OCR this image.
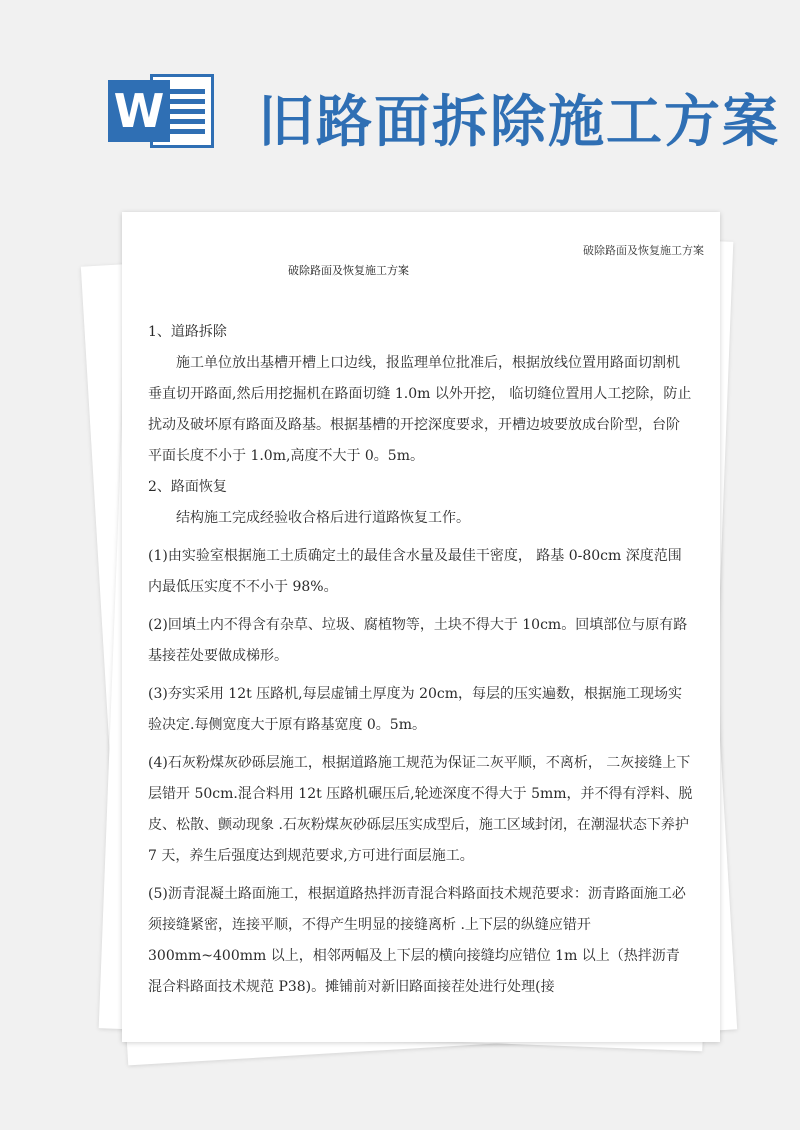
W 旧路面拆除施工方案
破除路面及恢复施工方案
破除路面及恢复施工方案

1、道路拆除

施工单位放出基槽开槽上口边线，报监理单位批准后，根据放线位置用路面切割机垂直切开路面,然后用挖掘机在路面切缝 1.0m 以外开挖， 临切缝位置用人工挖除，防止扰动及破坏原有路面及路基。根据基槽的开挖深度要求，开槽边坡要放成台阶型，台阶平面长度不小于 1.0m,高度不大于 0。5m。

2、路面恢复

结构施工完成经验收合格后进行道路恢复工作。

(1)由实验室根据施工土质确定土的最佳含水量及最佳干密度， 路基 0-80cm 深度范围内最低压实度不不小于 98%。

(2)回填土内不得含有杂草、垃圾、腐植物等，土块不得大于 10cm。回填部位与原有路基接茬处要做成梯形。

(3)夯实采用 12t 压路机,每层虚铺土厚度为 20cm，每层的压实遍数，根据施工现场实验决定.每侧宽度大于原有路基宽度 0。5m。

(4)石灰粉煤灰砂砾层施工，根据道路施工规范为保证二灰平顺，不离析， 二灰接缝上下层错开 50cm.混合料用 12t 压路机碾压后,轮迹深度不得大于 5mm，并不得有浮料、脱皮、松散、颤动现象 .石灰粉煤灰砂砾层压实成型后，施工区域封闭，在潮湿状态下养护 7 天，养生后强度达到规范要求,方可进行面层施工。

(5)沥青混凝土路面施工，根据道路热拌沥青混合料路面技术规范要求：沥青路面施工必须接缝紧密，连接平顺，不得产生明显的接缝离析 .上下层的纵缝应错开 300mm~400mm 以上，相邻两幅及上下层的横向接缝均应错位 1m 以上（热拌沥青混合料路面技术规范 P38)。摊铺前对新旧路面接茬处进行处理(接
